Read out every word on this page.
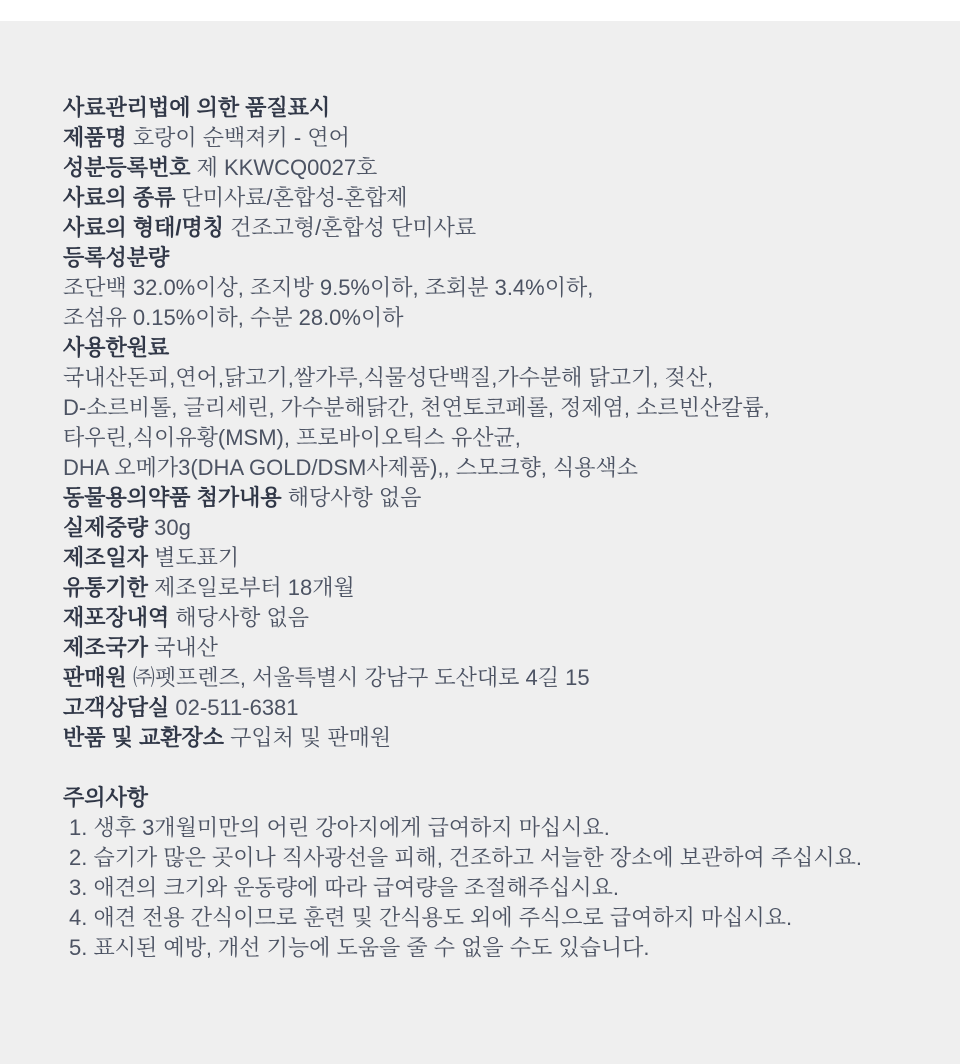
사료관리법에 의한 품질표시
제품명 호랑이 순백져키 - 연어
성분등록번호 제 KKWCQ0027호
사료의 종류 단미사료/혼합성-혼합제
사료의 형태/명칭 건조고형/혼합성 단미사료
등록성분량
조단백 32.0%이상, 조지방 9.5%이하, 조회분 3.4%이하,
조섬유 0.15%이하, 수분 28.0%이하
사용한원료
국내산돈피,연어,닭고기,쌀가루,식물성단백질,가수분해 닭고기, 젖산,
D-소르비톨, 글리세린, 가수분해닭간, 천연토코페롤, 정제염, 소르빈산칼륨,
타우린,식이유황(MSM), 프로바이오틱스 유산균,
DHA 오메가3(DHA GOLD/DSM사제품),, 스모크향, 식용색소
동물용의약품 첨가내용 해당사항 없음
실제중량 30g
제조일자 별도표기
유통기한 제조일로부터 18개월
재포장내역 해당사항 없음
제조국가 국내산
판매원 ㈜펫프렌즈, 서울특별시 강남구 도산대로 4길 15
고객상담실 02-511-6381
반품 및 교환장소 구입처 및 판매원
주의사항
1. 생후 3개월미만의 어린 강아지에게 급여하지 마십시요.
2. 습기가 많은 곳이나 직사광선을 피해, 건조하고 서늘한 장소에 보관하여 주십시요.
3. 애견의 크기와 운동량에 따라 급여량을 조절해주십시요.
4. 애견 전용 간식이므로 훈련 및 간식용도 외에 주식으로 급여하지 마십시요.
5. 표시된 예방, 개선 기능에 도움을 줄 수 없을 수도 있습니다.
